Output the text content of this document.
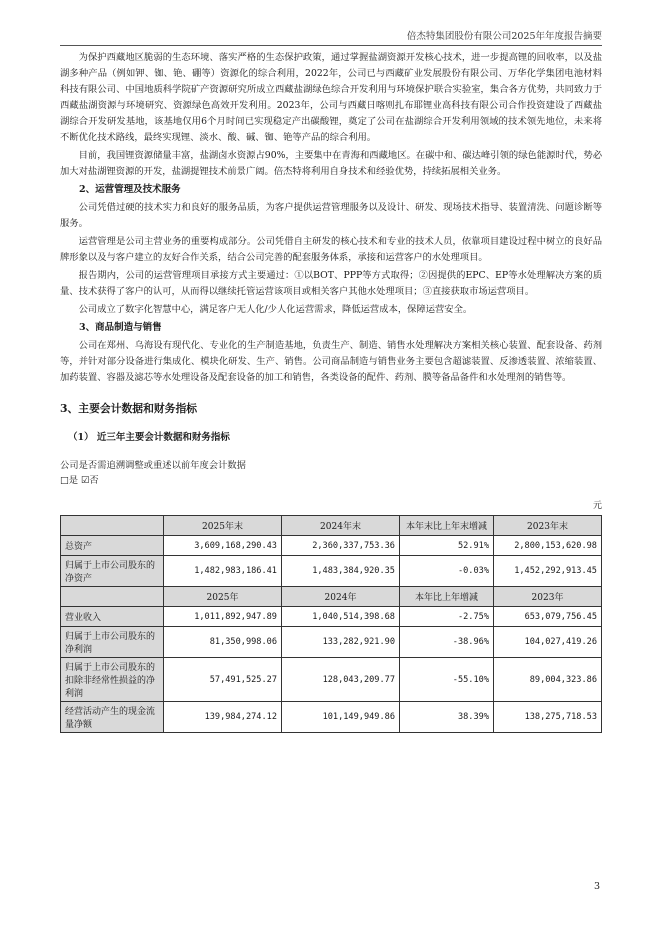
倍杰特集团股份有限公司2025年年度报告摘要

为保护西藏地区脆弱的生态环境、落实严格的生态保护政策，通过掌握盐湖资源开发核心技术，进一步提高锂的回收率，以及盐湖多种产品（例如钾、铷、铯、硼等）资源化的综合利用，2022年，公司已与西藏矿业发展股份有限公司、万华化学集团电池材料科技有限公司、中国地质科学院矿产资源研究所成立西藏盐湖绿色综合开发利用与环境保护联合实验室，集合各方优势，共同致力于西藏盐湖资源与环境研究、资源绿色高效开发利用。2023年，公司与西藏日喀则扎布耶锂业高科技有限公司合作投资建设了西藏盐湖综合开发研发基地，该基地仅用6个月时间已实现稳定产出碳酸锂，奠定了公司在盐湖综合开发利用领域的技术领先地位，未来将不断优化技术路线，最终实现锂、淡水、酸、碱、铷、铯等产品的综合利用。

目前，我国锂资源储量丰富，盐湖卤水资源占90%，主要集中在青海和西藏地区。在碳中和、碳达峰引领的绿色能源时代，势必加大对盐湖锂资源的开发，盐湖提锂技术前景广阔。倍杰特将利用自身技术和经验优势，持续拓展相关业务。

2、运营管理及技术服务

公司凭借过硬的技术实力和良好的服务品质，为客户提供运营管理服务以及设计、研发、现场技术指导、装置清洗、问题诊断等服务。

运营管理是公司主营业务的重要构成部分。公司凭借自主研发的核心技术和专业的技术人员，依靠项目建设过程中树立的良好品牌形象以及与客户建立的友好合作关系，结合公司完善的配套服务体系，承接和运营客户的水处理项目。

报告期内，公司的运营管理项目承接方式主要通过：①以BOT、PPP等方式取得；②因提供的EPC、EP等水处理解决方案的质量、技术获得了客户的认可，从而得以继续托管运营该项目或相关客户其他水处理项目；③直接获取市场运营项目。

公司成立了数字化智慧中心，满足客户无人化/少人化运营需求，降低运营成本，保障运营安全。

3、商品制造与销售

公司在郑州、乌海设有现代化、专业化的生产制造基地，负责生产、制造、销售水处理解决方案相关核心装置、配套设备、药剂等，并针对部分设备进行集成化、模块化研发、生产、销售。公司商品制造与销售业务主要包含超滤装置、反渗透装置、浓缩装置、加药装置、容器及滤芯等水处理设备及配套设备的加工和销售，各类设备的配件、药剂、膜等备品备件和水处理剂的销售等。

3、主要会计数据和财务指标
（1） 近三年主要会计数据和财务指标
公司是否需追溯调整或重述以前年度会计数据
□是 ☑否
元
	2025年末	2024年末	本年末比上年末增减	2023年末
总资产	3,609,168,290.43	2,360,337,753.36	52.91%	2,800,153,620.98
归属于上市公司股东的净资产	1,482,983,186.41	1,483,384,920.35	-0.03%	1,452,292,913.45
	2025年	2024年	本年比上年增减	2023年
营业收入	1,011,892,947.89	1,040,514,398.68	-2.75%	653,079,756.45
归属于上市公司股东的净利润	81,350,998.06	133,282,921.90	-38.96%	104,027,419.26
归属于上市公司股东的扣除非经常性损益的净利润	57,491,525.27	128,043,209.77	-55.10%	89,004,323.86
经营活动产生的现金流量净额	139,984,274.12	101,149,949.86	38.39%	138,275,718.53
3
